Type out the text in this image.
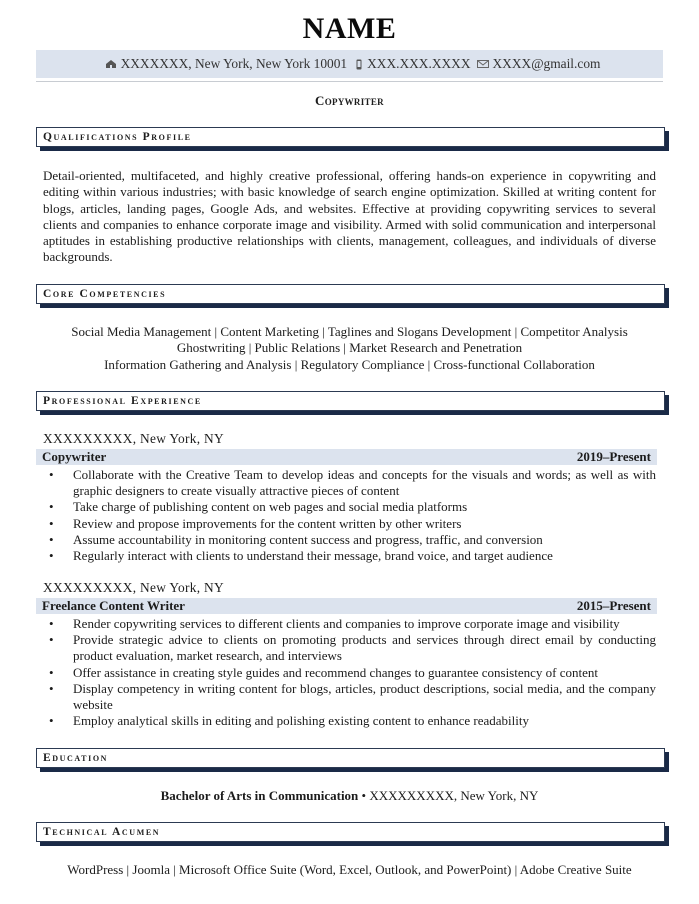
NAME
XXXXXXX, New York, New York 10001 XXX.XXX.XXXX XXXX@gmail.com
Copywriter
Qualifications Profile
Detail-oriented, multifaceted, and highly creative professional, offering hands-on experience in copywriting and editing within various industries; with basic knowledge of search engine optimization. Skilled at writing content for blogs, articles, landing pages, Google Ads, and websites. Effective at providing copywriting services to several clients and companies to enhance corporate image and visibility. Armed with solid communication and interpersonal aptitudes in establishing productive relationships with clients, management, colleagues, and individuals of diverse backgrounds.
Core Competencies
Social Media Management | Content Marketing | Taglines and Slogans Development | Competitor Analysis
Ghostwriting | Public Relations | Market Research and Penetration
Information Gathering and Analysis | Regulatory Compliance | Cross-functional Collaboration
Professional Experience
XXXXXXXXX, New York, NY
Copywriter	2019–Present
• Collaborate with the Creative Team to develop ideas and concepts for the visuals and words; as well as with graphic designers to create visually attractive pieces of content
• Take charge of publishing content on web pages and social media platforms
• Review and propose improvements for the content written by other writers
• Assume accountability in monitoring content success and progress, traffic, and conversion
• Regularly interact with clients to understand their message, brand voice, and target audience
XXXXXXXXX, New York, NY
Freelance Content Writer	2015–Present
• Render copywriting services to different clients and companies to improve corporate image and visibility
• Provide strategic advice to clients on promoting products and services through direct email by conducting product evaluation, market research, and interviews
• Offer assistance in creating style guides and recommend changes to guarantee consistency of content
• Display competency in writing content for blogs, articles, product descriptions, social media, and the company website
• Employ analytical skills in editing and polishing existing content to enhance readability
Education
Bachelor of Arts in Communication • XXXXXXXXX, New York, NY
Technical Acumen
WordPress | Joomla | Microsoft Office Suite (Word, Excel, Outlook, and PowerPoint) | Adobe Creative Suite
